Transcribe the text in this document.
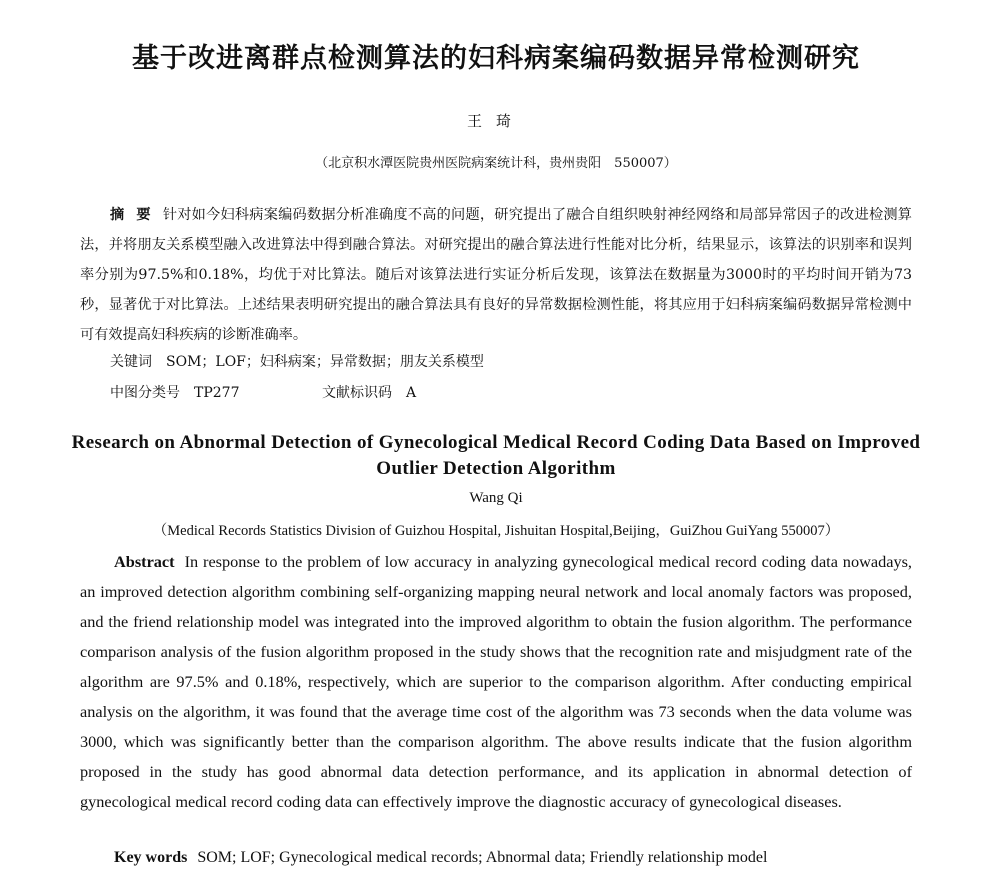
基于改进离群点检测算法的妇科病案编码数据异常检测研究
王琦
（北京积水潭医院贵州医院病案统计科，贵州贵阳　550007）

摘要针对如今妇科病案编码数据分析准确度不高的问题，研究提出了融合自组织映射神经网络和局部异常因子的改进检测算法，并将朋友关系模型融入改进算法中得到融合算法。对研究提出的融合算法进行性能对比分析，结果显示，该算法的识别率和误判率分别为97.5%和0.18%，均优于对比算法。随后对该算法进行实证分析后发现，该算法在数据量为3000时的平均时间开销为73秒，显著优于对比算法。上述结果表明研究提出的融合算法具有良好的异常数据检测性能，将其应用于妇科病案编码数据异常检测中可有效提高妇科疾病的诊断准确率。

关键词 SOM；LOF；妇科病案；异常数据；朋友关系模型
中图分类号 TP277	文献标识码 A
Research on Abnormal Detection of Gynecological Medical Record Coding Data Based on Improved Outlier Detection Algorithm
Wang Qi
（Medical Records Statistics Division of Guizhou Hospital, Jishuitan Hospital,Beijing，GuiZhou GuiYang 550007）

Abstract In response to the problem of low accuracy in analyzing gynecological medical record coding data nowadays, an improved detection algorithm combining self-organizing mapping neural network and local anomaly factors was proposed, and the friend relationship model was integrated into the improved algorithm to obtain the fusion algorithm. The performance comparison analysis of the fusion algorithm proposed in the study shows that the recognition rate and misjudgment rate of the algorithm are 97.5% and 0.18%, respectively, which are superior to the comparison algorithm. After conducting empirical analysis on the algorithm, it was found that the average time cost of the algorithm was 73 seconds when the data volume was 3000, which was significantly better than the comparison algorithm. The above results indicate that the fusion algorithm proposed in the study has good abnormal data detection performance, and its application in abnormal detection of gynecological medical record coding data can effectively improve the diagnostic accuracy of gynecological diseases.

Key words SOM; LOF; Gynecological medical records; Abnormal data; Friendly relationship model
